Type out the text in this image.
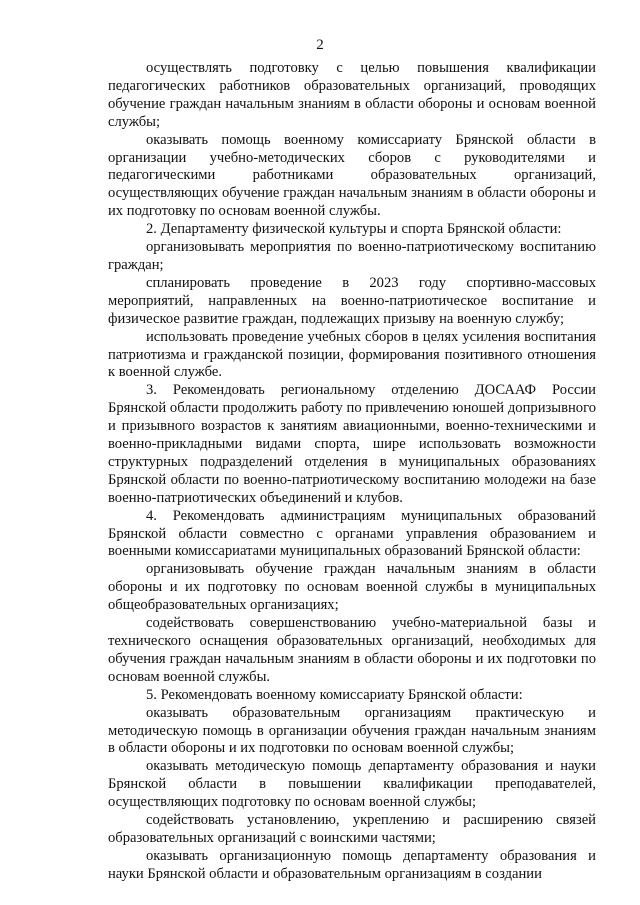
2

осуществлять подготовку с целью повышения квалификации педагогических работников образовательных организаций, проводящих обучение граждан начальным знаниям в области обороны и основам военной службы;

оказывать помощь военному комиссариату Брянской области в организации учебно-методических сборов с руководителями и педагогическими работниками образовательных организаций, осуществляющих обучение граждан начальным знаниям в области обороны и их подготовку по основам военной службы.

2. Департаменту физической культуры и спорта Брянской области:

организовывать мероприятия по военно-патриотическому воспитанию граждан;

спланировать проведение в 2023 году спортивно-массовых мероприятий, направленных на военно-патриотическое воспитание и физическое развитие граждан, подлежащих призыву на военную службу;

использовать проведение учебных сборов в целях усиления воспитания патриотизма и гражданской позиции, формирования позитивного отношения к военной службе.

3. Рекомендовать региональному отделению ДОСААФ России Брянской области продолжить работу по привлечению юношей допризывного и призывного возрастов к занятиям авиационными, военно-техническими и военно-прикладными видами спорта, шире использовать возможности структурных подразделений отделения в муниципальных образованиях Брянской области по военно-патриотическому воспитанию молодежи на базе военно-патриотических объединений и клубов.

4. Рекомендовать администрациям муниципальных образований Брянской области совместно с органами управления образованием и военными комиссариатами муниципальных образований Брянской области:

организовывать обучение граждан начальным знаниям в области обороны и их подготовку по основам военной службы в муниципальных общеобразовательных организациях;

содействовать совершенствованию учебно-материальной базы и технического оснащения образовательных организаций, необходимых для обучения граждан начальным знаниям в области обороны и их подготовки по основам военной службы.

5. Рекомендовать военному комиссариату Брянской области:

оказывать образовательным организациям практическую и методическую помощь в организации обучения граждан начальным знаниям в области обороны и их подготовки по основам военной службы;

оказывать методическую помощь департаменту образования и науки Брянской области в повышении квалификации преподавателей, осуществляющих подготовку по основам военной службы;

содействовать установлению, укреплению и расширению связей образовательных организаций с воинскими частями;

оказывать организационную помощь департаменту образования и науки Брянской области и образовательным организациям в создании
